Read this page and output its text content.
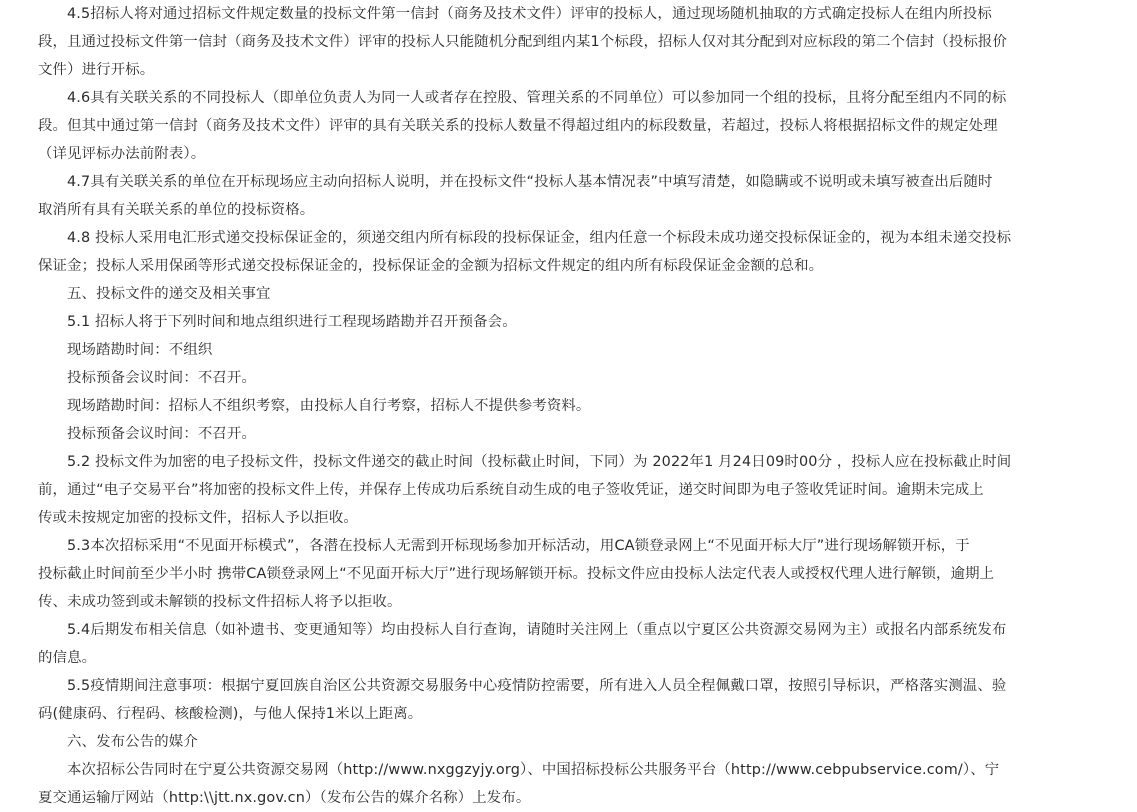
4.5招标人将对通过招标文件规定数量的投标文件第一信封（商务及技术文件）评审的投标人，通过现场随机抽取的方式确定投标人在组内所投标
段，且通过投标文件第一信封（商务及技术文件）评审的投标人只能随机分配到组内某1个标段，招标人仅对其分配到对应标段的第二个信封（投标报价
文件）进行开标。
4.6具有关联关系的不同投标人（即单位负责人为同一人或者存在控股、管理关系的不同单位）可以参加同一个组的投标，且将分配至组内不同的标
段。但其中通过第一信封（商务及技术文件）评审的具有关联关系的投标人数量不得超过组内的标段数量，若超过，投标人将根据招标文件的规定处理
（详见评标办法前附表）。
4.7具有关联关系的单位在开标现场应主动向招标人说明，并在投标文件“投标人基本情况表”中填写清楚，如隐瞒或不说明或未填写被查出后随时
取消所有具有关联关系的单位的投标资格。
4.8 投标人采用电汇形式递交投标保证金的，须递交组内所有标段的投标保证金，组内任意一个标段未成功递交投标保证金的，视为本组未递交投标
保证金；投标人采用保函等形式递交投标保证金的，投标保证金的金额为招标文件规定的组内所有标段保证金金额的总和。
五、投标文件的递交及相关事宜
5.1 招标人将于下列时间和地点组织进行工程现场踏勘并召开预备会。
现场踏勘时间：不组织
投标预备会议时间：不召开。
现场踏勘时间：招标人不组织考察，由投标人自行考察，招标人不提供参考资料。
投标预备会议时间：不召开。
5.2 投标文件为加密的电子投标文件，投标文件递交的截止时间（投标截止时间，下同）为 2022年1 月24日09时00分 ，投标人应在投标截止时间
前，通过“电子交易平台”将加密的投标文件上传，并保存上传成功后系统自动生成的电子签收凭证，递交时间即为电子签收凭证时间。逾期未完成上
传或未按规定加密的投标文件，招标人予以拒收。
5.3本次招标采用“不见面开标模式”，各潜在投标人无需到开标现场参加开标活动，用CA锁登录网上“不见面开标大厅”进行现场解锁开标，于
投标截止时间前至少半小时 携带CA锁登录网上“不见面开标大厅”进行现场解锁开标。投标文件应由投标人法定代表人或授权代理人进行解锁，逾期上
传、未成功签到或未解锁的投标文件招标人将予以拒收。
5.4后期发布相关信息（如补遗书、变更通知等）均由投标人自行查询，请随时关注网上（重点以宁夏区公共资源交易网为主）或报名内部系统发布
的信息。
5.5疫情期间注意事项：根据宁夏回族自治区公共资源交易服务中心疫情防控需要，所有进入人员全程佩戴口罩，按照引导标识，严格落实测温、验
码(健康码、行程码、核酸检测)，与他人保持1米以上距离。
六、发布公告的媒介
本次招标公告同时在宁夏公共资源交易网（http://www.nxggzyjy.org）、中国招标投标公共服务平台（http://www.cebpubservice.com/）、宁
夏交通运输厅网站（http:\\jtt.nx.gov.cn）（发布公告的媒介名称）上发布。
